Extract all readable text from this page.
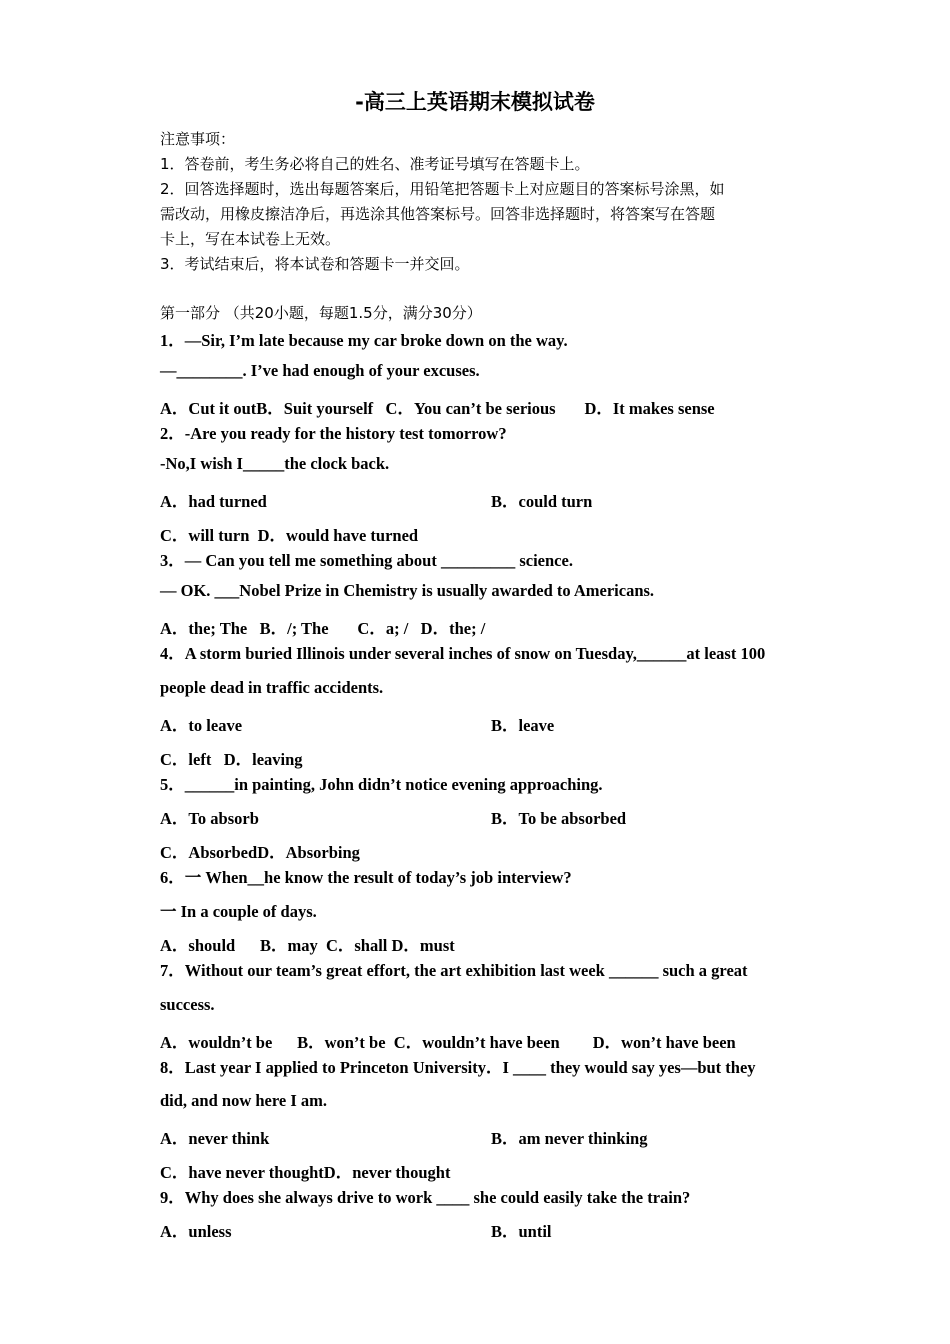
-高三上英语期末模拟试卷
注意事项：
1．答卷前，考生务必将自己的姓名、准考证号填写在答题卡上。
2．回答选择题时，选出每题答案后，用铅笔把答题卡上对应题目的答案标号涂黑，如
需改动，用橡皮擦洁净后，再选涂其他答案标号。回答非选择题时，将答案写在答题
卡上，写在本试卷上无效。
3．考试结束后，将本试卷和答题卡一并交回。
第一部分 （共20小题，每题1.5分，满分30分）
1．—Sir, I’m late because my car broke down on the way.
—________. I’ve had enough of your excuses.
A．Cut it outB．Suit yourself C．You can’t be serious D．It makes sense
2．-Are you ready for the history test tomorrow?
-No,I wish I_____the clock back.
A．had turned	B．could turn
C．will turn D．would have turned
3．— Can you tell me something about _________ science.
— OK. ___Nobel Prize in Chemistry is usually awarded to Americans.
A．the; The B．/; The C．a; / D．the; /
4．A storm buried Illinois under several inches of snow on Tuesday,______at least 100
people dead in traffic accidents.
A．to leave	B．leave
C．left D．leaving
5．______in painting, John didn’t notice evening approaching.
A．To absorb	B．To be absorbed
C．AbsorbedD．Absorbing
6．一 When__he know the result of today’s job interview?
一 In a couple of days.
A．should B．may C．shall D．must
7．Without our team’s great effort, the art exhibition last week ______ such a great
success.
A．wouldn’t be B．won’t be C．wouldn’t have been D．won’t have been
8．Last year I applied to Princeton University．I ____ they would say yes—but they
did, and now here I am.
A．never think	B．am never thinking
C．have never thoughtD．never thought
9．Why does she always drive to work ____ she could easily take the train?
A．unless	B．until
